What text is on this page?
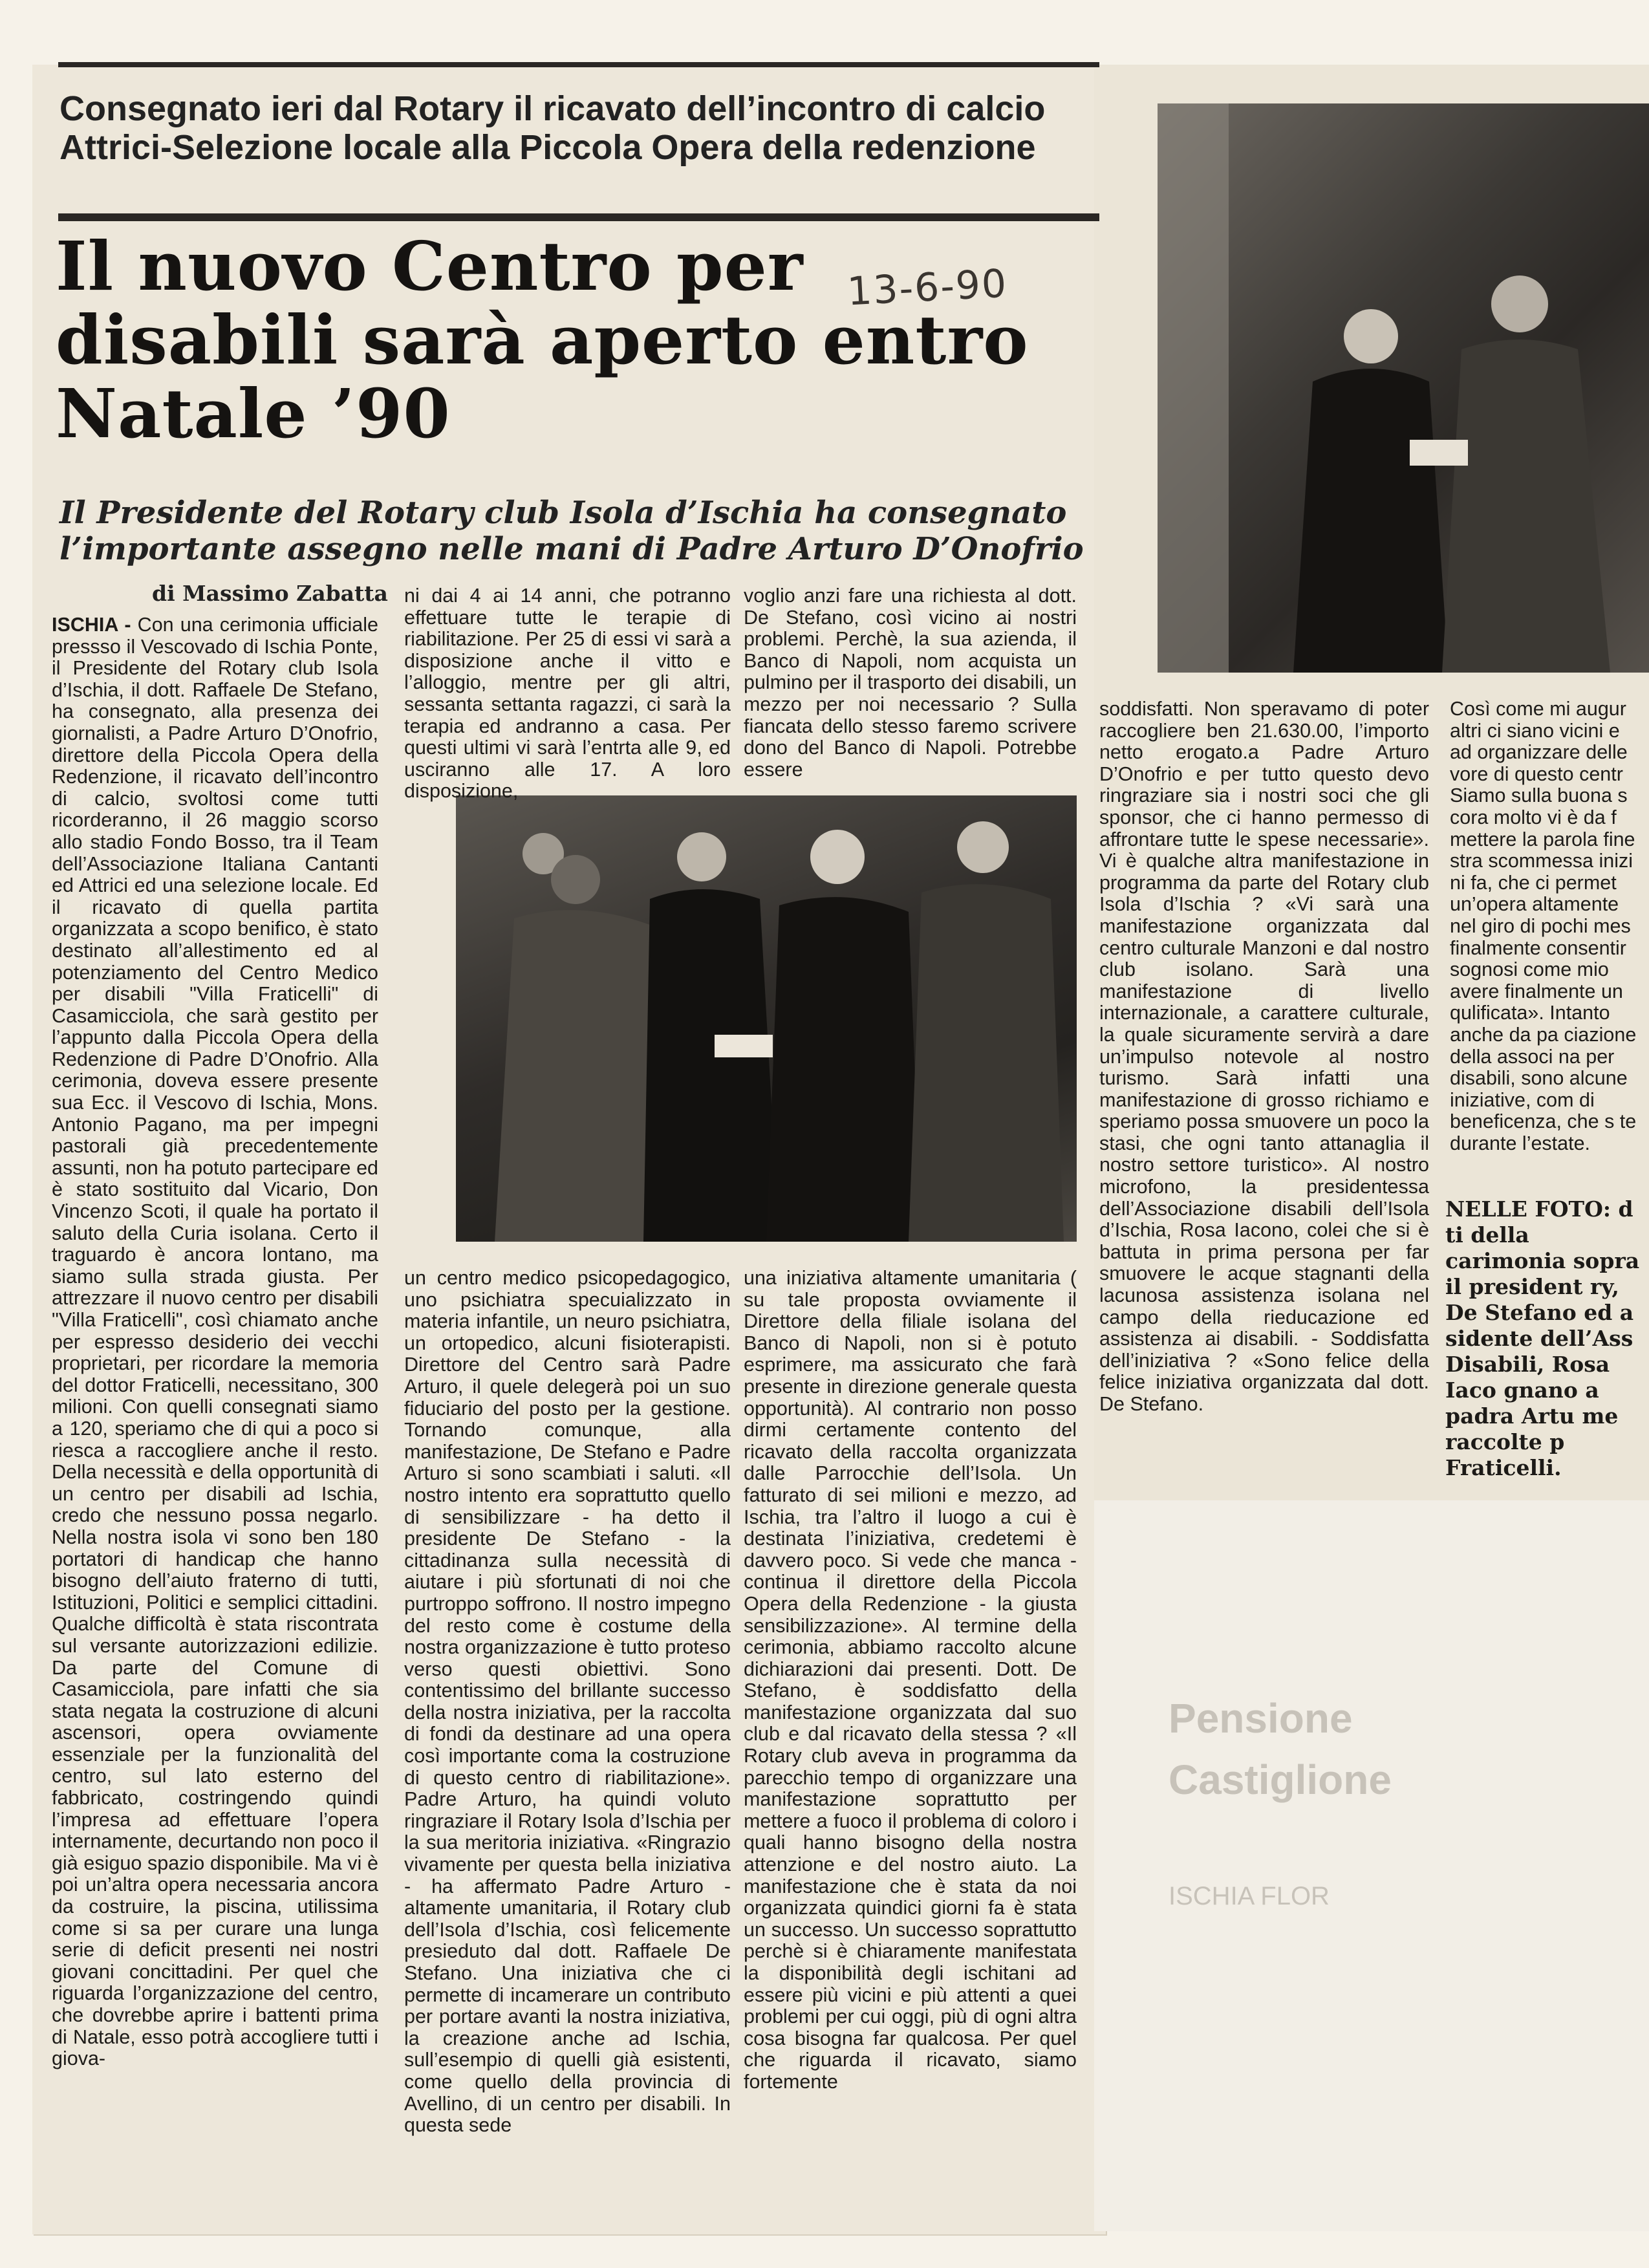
Pensione
Castiglione
ISCHIA FLOR
Consegnato ieri dal Rotary il ricavato dell’incontro di calcio Attrici-Selezione locale alla Piccola Opera della redenzione
Il nuovo Centro per disabili sarà aperto entro Natale ’90
13-6-90
Il Presidente del Rotary club Isola d’Ischia ha consegnato l’importante assegno nelle mani di Padre Arturo D’Onofrio
di Massimo Zabatta

ISCHIA - Con una cerimonia ufficiale pressso il Vescovado di Ischia Ponte, il Presidente del Rotary club Isola d’Ischia, il dott. Raffaele De Stefano, ha consegnato, alla presenza dei giornalisti, a Padre Arturo D’Onofrio, direttore della Piccola Opera della Redenzione, il ricavato dell’incontro di calcio, svoltosi come tutti ricorderanno, il 26 maggio scorso allo stadio Fondo Bosso, tra il Team dell’Associazione Italiana Cantanti ed Attrici ed una selezione locale. Ed il ricavato di quella partita organizzata a scopo benifico, è stato destinato all’allestimento ed al potenziamento del Centro Medico per disabili "Villa Fraticelli" di Casamicciola, che sarà gestito per l’appunto dalla Piccola Opera della Redenzione di Padre D’Onofrio. Alla cerimonia, doveva essere presente sua Ecc. il Vescovo di Ischia, Mons. Antonio Pagano, ma per impegni pastorali già precedentemente assunti, non ha potuto partecipare ed è stato sostituito dal Vicario, Don Vincenzo Scoti, il quale ha portato il saluto della Curia isolana. Certo il traguardo è ancora lontano, ma siamo sulla strada giusta. Per attrezzare il nuovo centro per disabili "Villa Fraticelli", così chiamato anche per espresso desiderio dei vecchi proprietari, per ricordare la memoria del dottor Fraticelli, necessitano, 300 milioni. Con quelli consegnati siamo a 120, speriamo che di qui a poco si riesca a raccogliere anche il resto. Della necessità e della opportunità di un centro per disabili ad Ischia, credo che nessuno possa negarlo. Nella nostra isola vi sono ben 180 portatori di handicap che hanno bisogno dell’aiuto fraterno di tutti, Istituzioni, Politici e semplici cittadini. Qualche difficoltà è stata riscontrata sul versante autorizzazioni edilizie. Da parte del Comune di Casamicciola, pare infatti che sia stata negata la costruzione di alcuni ascensori, opera ovviamente essenziale per la funzionalità del centro, sul lato esterno del fabbricato, costringendo quindi l’impresa ad effettuare l’opera internamente, decurtando non poco il già esiguo spazio disponibile. Ma vi è poi un’altra opera necessaria ancora da costruire, la piscina, utilissima come si sa per curare una lunga serie di deficit presenti nei nostri giovani concittadini. Per quel che riguarda l’organizzazione del centro, che dovrebbe aprire i battenti prima di Natale, esso potrà accogliere tutti i giova-

ni dai 4 ai 14 anni, che potranno effettuare tutte le terapie di riabilitazione. Per 25 di essi vi sarà a disposizione anche il vitto e l’alloggio, mentre per gli altri, sessanta settanta ragazzi, ci sarà la terapia ed andranno a casa. Per questi ultimi vi sarà l’entrta alle 9, ed usciranno alle 17. A loro disposizione,

voglio anzi fare una richiesta al dott. De Stefano, così vicino ai nostri problemi. Perchè, la sua azienda, il Banco di Napoli, nom acquista un pulmino per il trasporto dei disabili, un mezzo per noi necessario ? Sulla fiancata dello stesso faremo scrivere dono del Banco di Napoli. Potrebbe essere

un centro medico psicopedagogico, uno psichiatra specuializzato in materia infantile, un neuro psichiatra, un ortopedico, alcuni fisioterapisti. Direttore del Centro sarà Padre Arturo, il quele delegerà poi un suo fiduciario del posto per la gestione. Tornando comunque, alla manifestazione, De Stefano e Padre Arturo si sono scambiati i saluti. «Il nostro intento era soprattutto quello di sensibilizzare - ha detto il presidente De Stefano - la cittadinanza sulla necessità di aiutare i più sfortunati di noi che purtroppo soffrono. Il nostro impegno del resto come è costume della nostra organizzazione è tutto proteso verso questi obiettivi. Sono contentissimo del brillante successo della nostra iniziativa, per la raccolta di fondi da destinare ad una opera così importante coma la costruzione di questo centro di riabilitazione». Padre Arturo, ha quindi voluto ringraziare il Rotary Isola d’Ischia per la sua meritoria iniziativa. «Ringrazio vivamente per questa bella iniziativa - ha affermato Padre Arturo - altamente umanitaria, il Rotary club dell’Isola d’Ischia, così felicemente presieduto dal dott. Raffaele De Stefano. Una iniziativa che ci permette di incamerare un contributo per portare avanti la nostra iniziativa, la creazione anche ad Ischia, sull’esempio di quelli già esistenti, come quello della provincia di Avellino, di un centro per disabili. In questa sede

una iniziativa altamente umanitaria ( su tale proposta ovviamente il Direttore della filiale isolana del Banco di Napoli, non si è potuto esprimere, ma assicurato che farà presente in direzione generale questa opportunità). Al contrario non posso dirmi certamente contento del ricavato della raccolta organizzata dalle Parrocchie dell’Isola. Un fatturato di sei milioni e mezzo, ad Ischia, tra l’altro il luogo a cui è destinata l’iniziativa, credetemi è davvero poco. Si vede che manca - continua il direttore della Piccola Opera della Redenzione - la giusta sensibilizzazione». Al termine della cerimonia, abbiamo raccolto alcune dichiarazioni dai presenti. Dott. De Stefano, è soddisfatto della manifestazione organizzata dal suo club e dal ricavato della stessa ? «Il Rotary club aveva in programma da parecchio tempo di organizzare una manifestazione soprattutto per mettere a fuoco il problema di coloro i quali hanno bisogno della nostra attenzione e del nostro aiuto. La manifestazione che è stata da noi organizzata quindici giorni fa è stata un successo. Un successo soprattutto perchè si è chiaramente manifestata la disponibilità degli ischitani ad essere più vicini e più attenti a quei problemi per cui oggi, più di ogni altra cosa bisogna far qualcosa. Per quel che riguarda il ricavato, siamo fortemente

soddisfatti. Non speravamo di poter raccogliere ben 21.630.00, l’importo netto erogato.a Padre Arturo D’Onofrio e per tutto questo devo ringraziare sia i nostri soci che gli sponsor, che ci hanno permesso di affrontare tutte le spese necessarie». Vi è qualche altra manifestazione in programma da parte del Rotary club Isola d’Ischia ? «Vi sarà una manifestazione organizzata dal centro culturale Manzoni e dal nostro club isolano. Sarà una manifestazione di livello internazionale, a carattere culturale, la quale sicuramente servirà a dare un’impulso notevole al nostro turismo. Sarà infatti una manifestazione di grosso richiamo e speriamo possa smuovere un poco la stasi, che ogni tanto attanaglia il nostro settore turistico». Al nostro microfono, la presidentessa dell’Associazione disabili dell’Isola d’Ischia, Rosa Iacono, colei che si è battuta in prima persona per far smuovere le acque stagnanti della lacunosa assistenza isolana nel campo della rieducazione ed assistenza ai disabili. - Soddisfatta dell’iniziativa ? «Sono felice della felice iniziativa organizzata dal dott. De Stefano.

Così come mi augur altri ci siano vicini e ad organizzare delle vore di questo centr Siamo sulla buona s cora molto vi è da f mettere la parola fine stra scommessa inizi ni fa, che ci permet un’opera altamente nel giro di pochi mes finalmente consentir sognosi come mio avere finalmente un qulificata». Intanto anche da pa ciazione della associ na per disabili, sono alcune iniziative, com di beneficenza, che s te durante l’estate.

NELLE FOTO: d ti della carimonia sopra il president ry, De Stefano ed a sidente dell’Ass Disabili, Rosa Iaco gnano a padra Artu me raccolte p Fraticelli.
